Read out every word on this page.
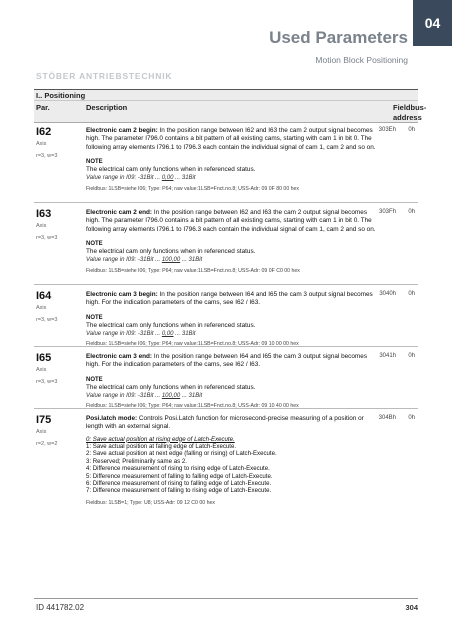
04
Used Parameters
Motion Block Positioning
STÖBER ANTRIEBSTECHNIK
I.. Positioning
Par.	Description	Fieldbus-address
I62
Axis
r=3, w=3

Electronic cam 2 begin: In the position range between I62 and I63 the cam 2 output signal becomes high. The parameter I796.0 contains a bit pattern of all existing cams, starting with cam 1 in bit 0. The following array elements I796.1 to I796.3 each contain the individual signal of cam 1, cam 2 and so on.

NOTE
The electrical cam only functions when in referenced status.
Value range in I09: -31Bit ... 0,00 ... 31Bit
Fieldbus: 1LSB=siehe I06; Type: P64; raw value:1LSB=Fnct.no.8; USS-Adr: 09 0F 80 00 hex
303Eh 0h
I63
Axis
r=3, w=3

Electronic cam 2 end: In the position range between I62 and I63 the cam 2 output signal becomes high. The parameter I796.0 contains a bit pattern of all existing cams, starting with cam 1 in bit 0. The following array elements I796.1 to I796.3 each contain the individual signal of cam 1, cam 2 and so on.

NOTE
The electrical cam only functions when in referenced status.
Value range in I09: -31Bit ... 100,00 ... 31Bit
Fieldbus: 1LSB=siehe I06; Type: P64; raw value:1LSB=Fnct.no.8; USS-Adr: 09 0F C0 00 hex
303Fh 0h
I64
Axis
r=3, w=3

Electronic cam 3 begin: In the position range between I64 and I65 the cam 3 output signal becomes high. For the indication parameters of the cams, see I62 / I63.

NOTE
The electrical cam only functions when in referenced status.
Value range in I09: -31Bit ... 0,00 ... 31Bit
Fieldbus: 1LSB=siehe I06; Type: P64; raw value:1LSB=Fnct.no.8; USS-Adr: 09 10 00 00 hex
3040h 0h
I65
Axis
r=3, w=3

Electronic cam 3 end: In the position range between I64 and I65 the cam 3 output signal becomes high. For the indication parameters of the cams, see I62 / I63.

NOTE
The electrical cam only functions when in referenced status.
Value range in I09: -31Bit ... 100,00 ... 31Bit
Fieldbus: 1LSB=siehe I06; Type: P64; raw value:1LSB=Fnct.no.8; USS-Adr: 09 10 40 00 hex
3041h 0h
I75
Axis
r=2, w=2

Posi.latch mode: Controls Posi.Latch function for microsecond-precise measuring of a position or length with an external signal.

0: Save actual position at rising edge of Latch-Execute.
1: Save actual position at falling edge of Latch-Execute.
2: Save actual position at next edge (falling or rising) of Latch-Execute.
3: Reserved; Preliminarily same as 2.
4: Difference measurement of rising to rising edge of Latch-Execute.
5: Difference measurement of falling to falling edge of Latch-Execute.
6: Difference measurement of rising to falling edge of Latch-Execute.
7: Difference measurement of falling to rising edge of Latch-Execute.
Fieldbus: 1LSB=1; Type: U8; USS-Adr: 09 12 C0 00 hex
304Bh 0h
ID 441782.02	304
